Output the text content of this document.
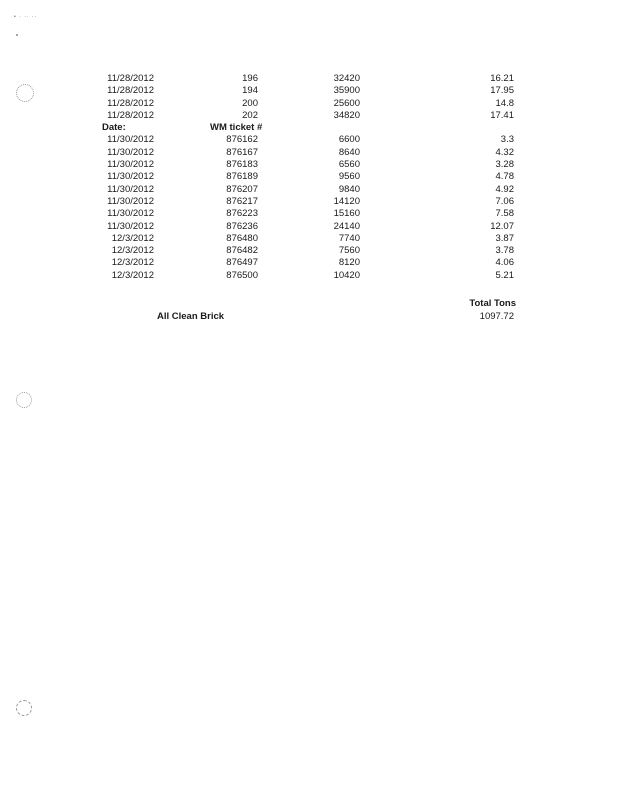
• · ·· ··
11/28/2012	196	32420	16.21
11/28/2012	194	35900	17.95
11/28/2012	200	25600	14.8
11/28/2012	202	34820	17.41
Date:	WM ticket #
11/30/2012	876162	6600	3.3
11/30/2012	876167	8640	4.32
11/30/2012	876183	6560	3.28
11/30/2012	876189	9560	4.78
11/30/2012	876207	9840	4.92
11/30/2012	876217	14120	7.06
11/30/2012	876223	15160	7.58
11/30/2012	876236	24140	12.07
12/3/2012	876480	7740	3.87
12/3/2012	876482	7560	3.78
12/3/2012	876497	8120	4.06
12/3/2012	876500	10420	5.21
Total Tons
All Clean Brick	1097.72
